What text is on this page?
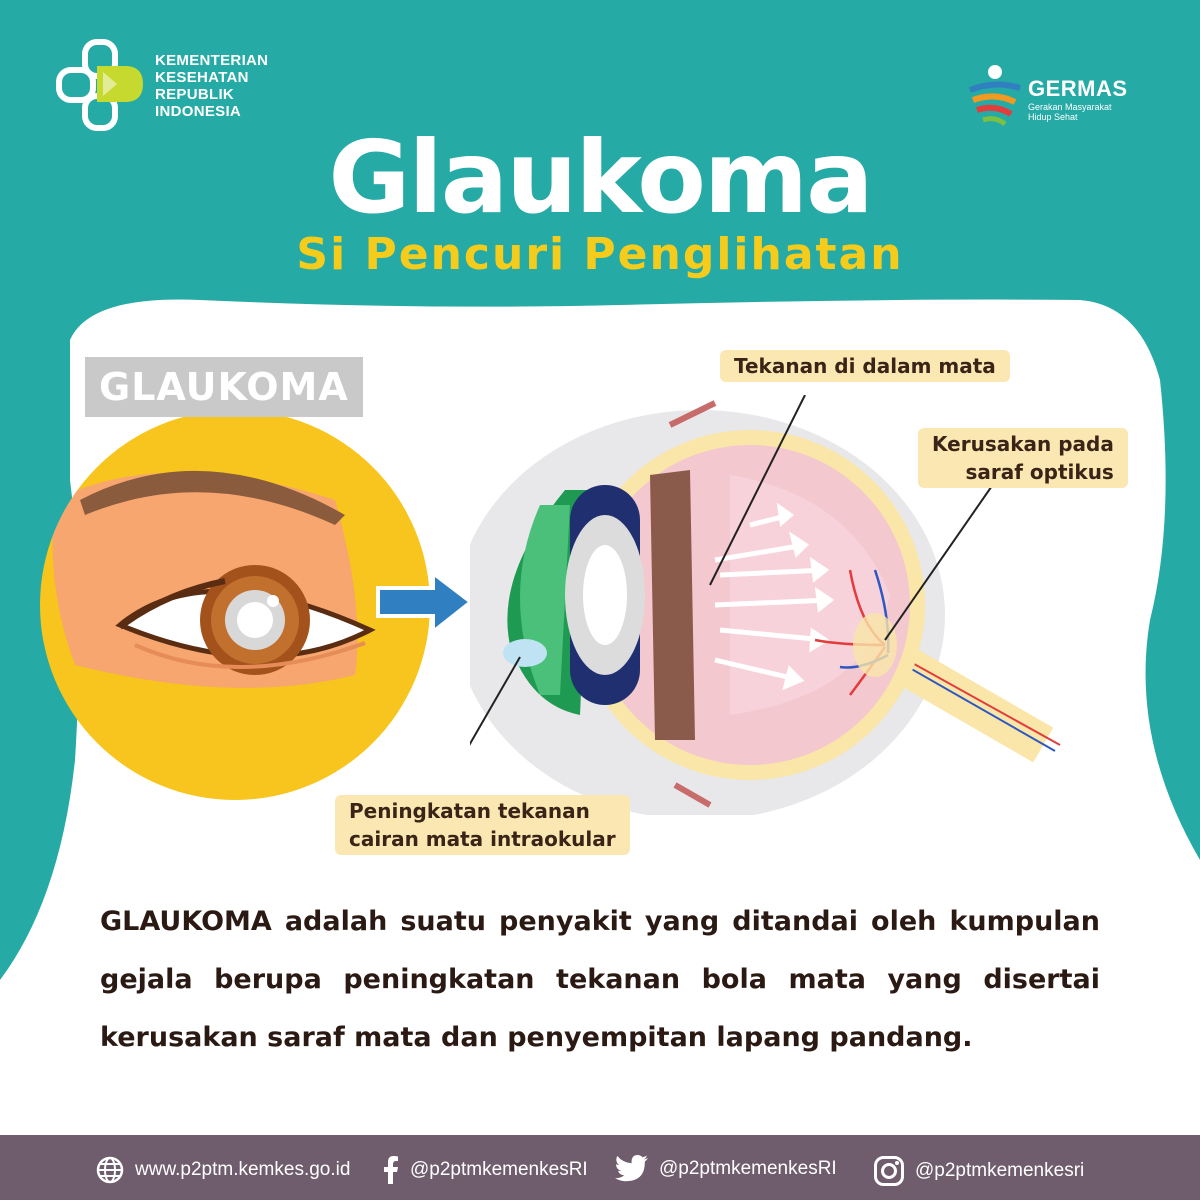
KEMENTERIAN
KESEHATAN
REPUBLIK
INDONESIA
GERMAS
Gerakan Masyarakat
Hidup Sehat
Glaukoma
Si Pencuri Penglihatan
GLAUKOMA	Tekanan di dalam mata
Kerusakan pada
saraf optikus
Peningkatan tekanan
cairan mata intraokular
GLAUKOMA adalah suatu penyakit yang ditandai oleh kumpulan gejala berupa peningkatan tekanan bola mata yang disertai kerusakan saraf mata dan penyempitan lapang pandang.
www.p2ptm.kemkes.go.id	@p2ptmkemenkesRI	@p2ptmkemenkesRI	@p2ptmkemenkesri
